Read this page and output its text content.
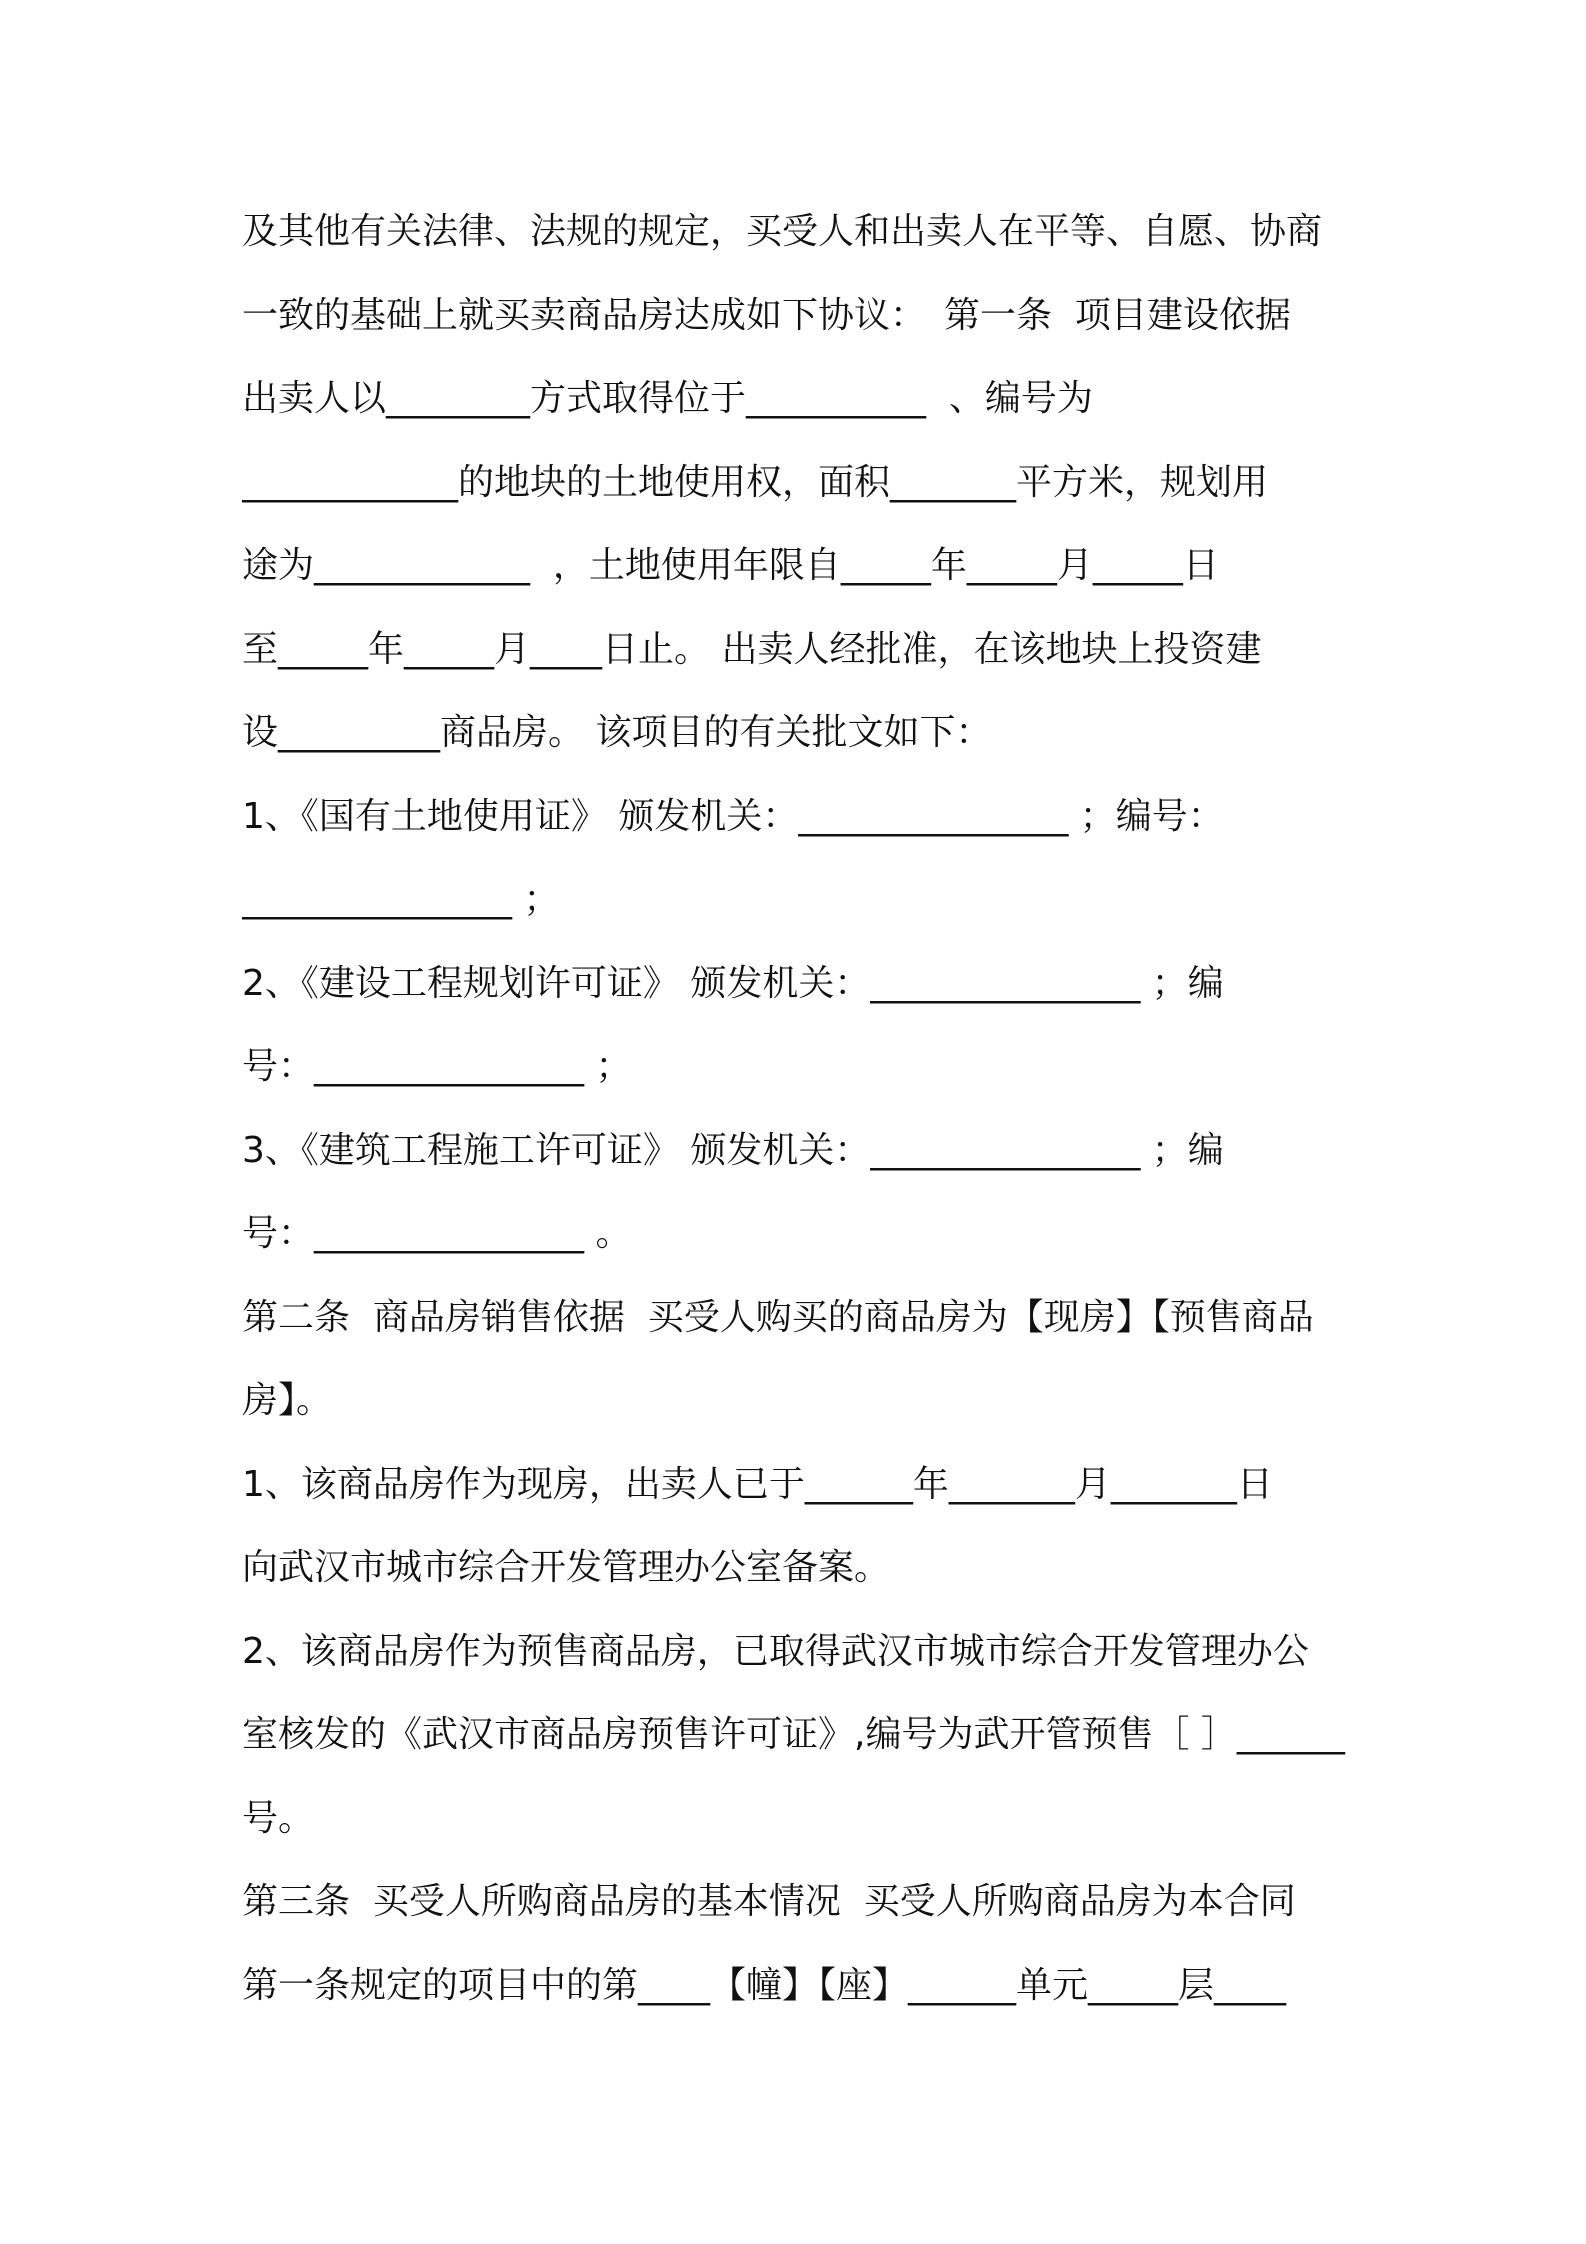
及其他有关法律、法规的规定，买受人和出卖人在平等、自愿、协商
一致的基础上就买卖商品房达成如下协议：　第一条  项目建设依据
出卖人以________方式取得位于__________  、编号为
____________的地块的土地使用权，面积_______平方米，规划用
途为____________  ，土地使用年限自_____年_____月_____日
至_____年_____月____日止。 出卖人经批准，在该地块上投资建
设_________商品房。 该项目的有关批文如下：
1、《国有土地使用证》 颁发机关：_______________ ；编号：
_______________ ；
2、《建设工程规划许可证》 颁发机关：_______________ ；编
号：_______________ ；
3、《建筑工程施工许可证》 颁发机关：_______________ ；编
号：_______________ 。
第二条  商品房销售依据  买受人购买的商品房为【现房】【预售商品
房】。
1、该商品房作为现房，出卖人已于______年_______月_______日
向武汉市城市综合开发管理办公室备案。
2、该商品房作为预售商品房，已取得武汉市城市综合开发管理办公
室核发的《武汉市商品房预售许可证》,编号为武开管预售［ ］______
号。
第三条  买受人所购商品房的基本情况  买受人所购商品房为本合同
第一条规定的项目中的第____【幢】【座】______单元_____层____
